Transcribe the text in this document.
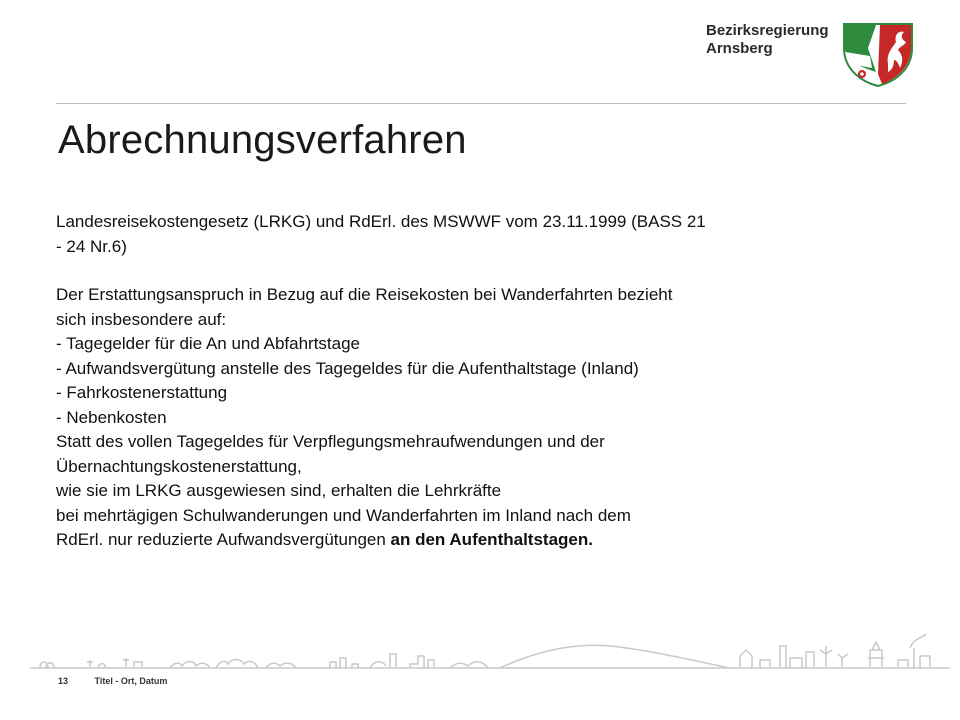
Bezirksregierung
Arnsberg
Abrechnungsverfahren

Landesreisekostengesetz (LRKG) und RdErl. des MSWWF vom 23.11.1999 (BASS 21

- 24 Nr.6)

Der Erstattungsanspruch in Bezug auf die Reisekosten bei Wanderfahrten bezieht

sich insbesondere auf:

- Tagegelder für die An und Abfahrtstage

- Aufwandsvergütung anstelle des Tagegeldes für die Aufenthaltstage (Inland)

- Fahrkostenerstattung

- Nebenkosten

Statt des vollen Tagegeldes für Verpflegungsmehraufwendungen und der

Übernachtungskostenerstattung,

wie sie im LRKG ausgewiesen sind, erhalten die Lehrkräfte

bei mehrtägigen Schulwanderungen und Wanderfahrten im Inland nach dem

RdErl. nur reduzierte Aufwandsvergütungen an den Aufenthaltstagen.

13	Titel - Ort, Datum
